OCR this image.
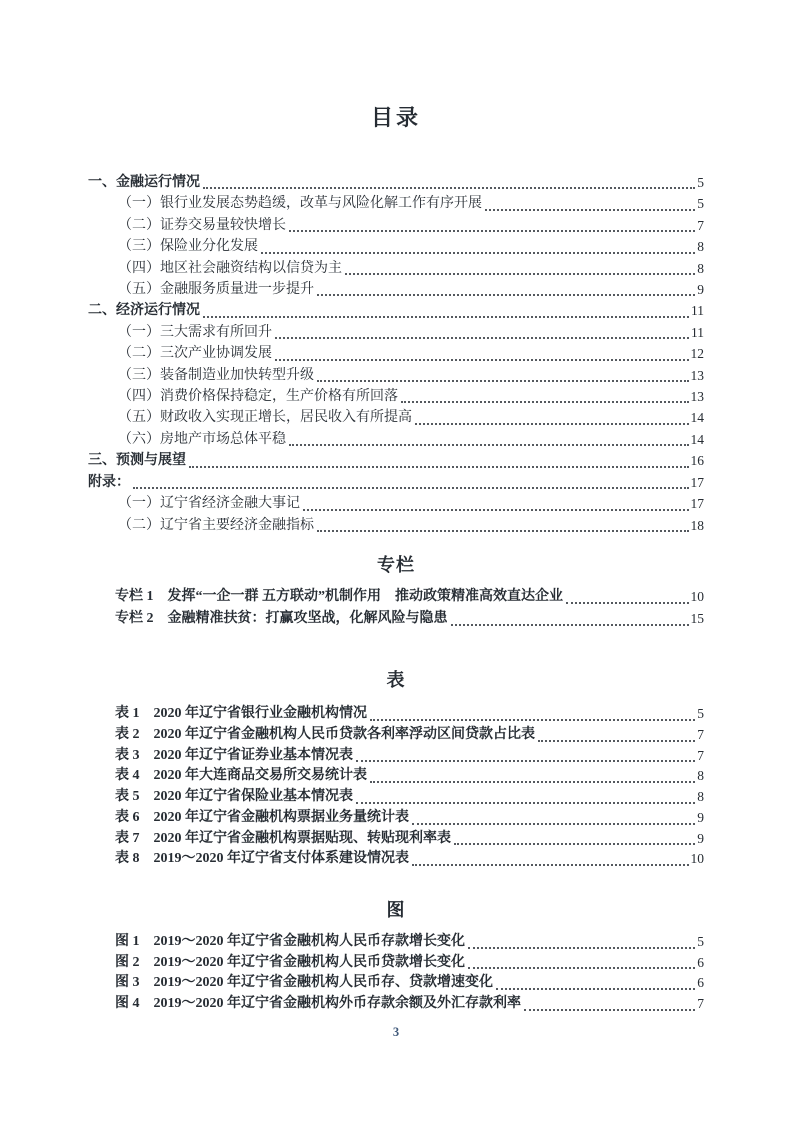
目录
一、金融运行情况	5
（一）银行业发展态势趋缓，改革与风险化解工作有序开展	5
（二）证券交易量较快增长	7
（三）保险业分化发展	8
（四）地区社会融资结构以信贷为主	8
（五）金融服务质量进一步提升	9
二、经济运行情况	11
（一）三大需求有所回升	11
（二）三次产业协调发展	12
（三）装备制造业加快转型升级	13
（四）消费价格保持稳定，生产价格有所回落	13
（五）财政收入实现正增长，居民收入有所提高	14
（六）房地产市场总体平稳	14
三、预测与展望	16
附录：	17
（一）辽宁省经济金融大事记	17
（二）辽宁省主要经济金融指标	18
专栏
专栏 1　发挥“一企一群 五方联动”机制作用　推动政策精准高效直达企业	10
专栏 2　金融精准扶贫：打赢攻坚战，化解风险与隐患	15
表
表 1　2020 年辽宁省银行业金融机构情况	5
表 2　2020 年辽宁省金融机构人民币贷款各利率浮动区间贷款占比表	7
表 3　2020 年辽宁省证券业基本情况表	7
表 4　2020 年大连商品交易所交易统计表	8
表 5　2020 年辽宁省保险业基本情况表	8
表 6　2020 年辽宁省金融机构票据业务量统计表	9
表 7　2020 年辽宁省金融机构票据贴现、转贴现利率表	9
表 8　2019～2020 年辽宁省支付体系建设情况表	10
图
图 1　2019～2020 年辽宁省金融机构人民币存款增长变化	5
图 2　2019～2020 年辽宁省金融机构人民币贷款增长变化	6
图 3　2019～2020 年辽宁省金融机构人民币存、贷款增速变化	6
图 4　2019～2020 年辽宁省金融机构外币存款余额及外汇存款利率	7
3
